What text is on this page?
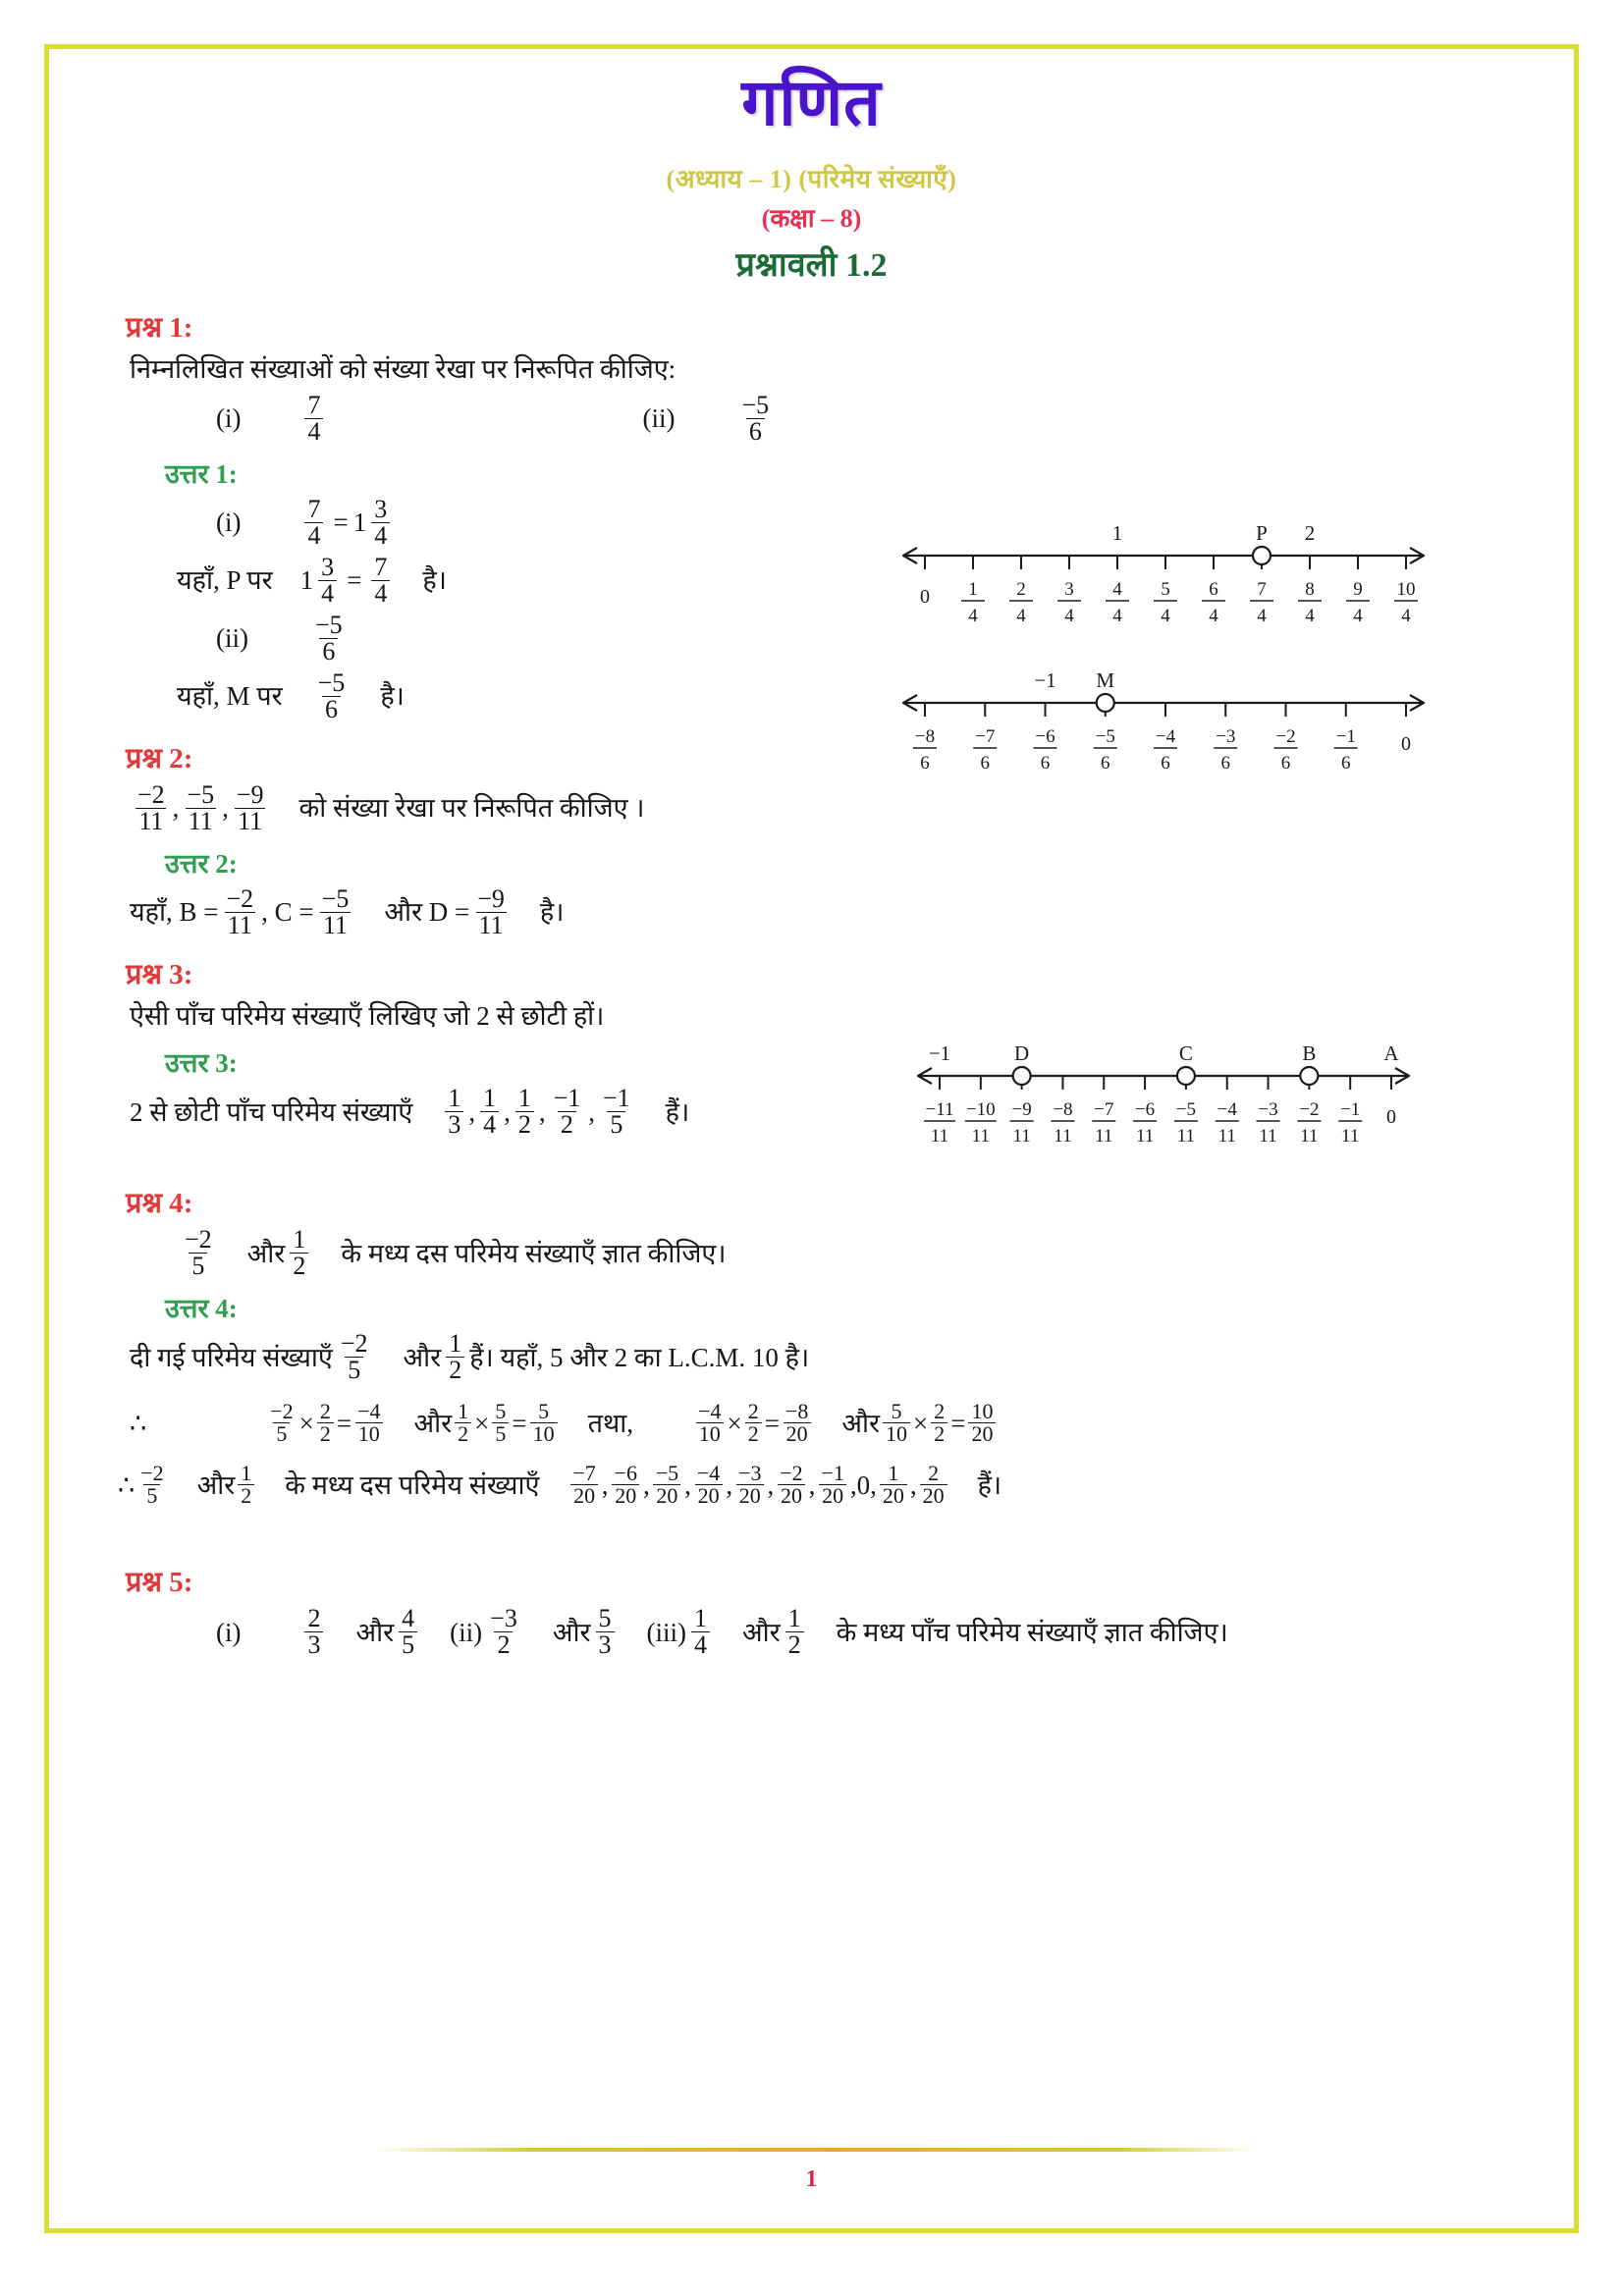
गणित
(अध्याय – 1) (परिमेय संख्याएँ)
(कक्षा – 8)
प्रश्नावली 1.2
प्रश्न 1:
निम्नलिखित संख्याओं को संख्या रेखा पर निरूपित कीजिए:
(i)	$\frac{7}{4}$	(ii)	$\frac{-5}{6}$
उत्तर 1:
(i)	$\frac{7}{4} = 1 \frac{3}{4}$
यहाँ, P पर $1 \frac{3}{4} = \frac{7}{4}$ है।
(ii)	$\frac{-5}{6}$
यहाँ, M पर $\frac{-5}{6}$ है।
प्रश्न 2:
$\frac{-2}{11}$ , $\frac{-5}{11}$ , $\frac{-9}{11}$ को संख्या रेखा पर निरूपित कीजिए ।
उत्तर 2:
यहाँ, $B = \frac{-2}{11}$ , $C = \frac{-5}{11}$ और $D = \frac{-9}{11}$ है।
प्रश्न 3:
ऐसी पाँच परिमेय संख्याएँ लिखिए जो 2 से छोटी हों।
उत्तर 3:
2 से छोटी पाँच परिमेय संख्याएँ $\frac{1}{3}$ , $\frac{1}{4}$ , $\frac{1}{2}$ , $\frac{-1}{2}$ , $\frac{-1}{5}$ हैं।
प्रश्न 4:
$\frac{-2}{5}$ और $\frac{1}{2}$ के मध्य दस परिमेय संख्याएँ ज्ञात कीजिए।
उत्तर 4:
दी गई परिमेय संख्याएँ $\frac{-2}{5}$ और $\frac{1}{2}$ हैं। यहाँ, 5 और 2 का L.C.M. 10 है।
∴	$\frac{-2}{5} \times \frac{2}{2} = \frac{-4}{10}$ और $\frac{1}{2} \times \frac{5}{5} = \frac{5}{10}$ तथा,	$\frac{-4}{10} \times \frac{2}{2} = \frac{-8}{20}$ और $\frac{5}{10} \times \frac{2}{2} = \frac{10}{20}$
∴ $\frac{-2}{5}$ और $\frac{1}{2}$ के मध्य दस परिमेय संख्याएँ $\frac{-7}{20}$ , $\frac{-6}{20}$ , $\frac{-5}{20}$ , $\frac{-4}{20}$ , $\frac{-3}{20}$ , $\frac{-2}{20}$ , $\frac{-1}{20}$ , 0, $\frac{1}{20}$ , $\frac{2}{20}$ हैं।
प्रश्न 5:
(i)	$\frac{2}{3}$ और $\frac{4}{5} (ii) \frac{-3}{2}$ और $\frac{5}{3} (iii) \frac{1}{4}$ और $\frac{1}{2}$ के मध्य पाँच परिमेय संख्याएँ ज्ञात कीजिए।
0 1
4
2
4
3
4
4
4
5
4
6
4
7
4
8
4
9
4
10
4
1	P 2
−8
6
−7
6
−6
6
−5
6
−4
6
−3
6
−2
6
−1
6
0
−1 M
−11
11
−10
11
−9
11
−8
11
−7
11
−6
11
−5
11
−4
11
−3
11
−2
11
−1
11
0
−1	D	C	B	A
1
